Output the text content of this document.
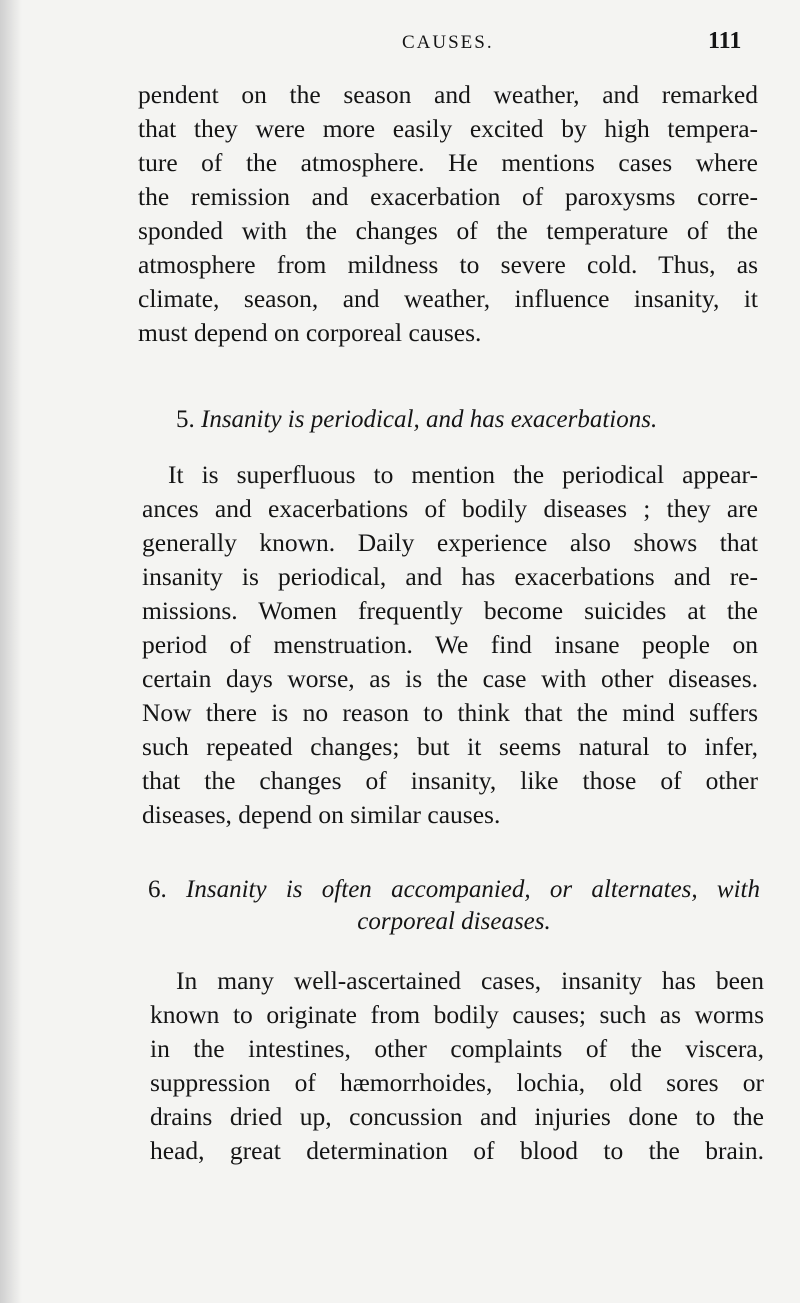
CAUSES.	111
pendent on the season and weather, and remarked
that they were more easily excited by high tempera-
ture of the atmosphere. He mentions cases where
the remission and exacerbation of paroxysms corre-
sponded with the changes of the temperature of the
atmosphere from mildness to severe cold. Thus, as
climate, season, and weather, influence insanity, it
must depend on corporeal causes.
5. Insanity is periodical, and has exacerbations.
It is superfluous to mention the periodical appear-
ances and exacerbations of bodily diseases ; they are
generally known. Daily experience also shows that
insanity is periodical, and has exacerbations and re-
missions. Women frequently become suicides at the
period of menstruation. We find insane people on
certain days worse, as is the case with other diseases.
Now there is no reason to think that the mind suffers
such repeated changes; but it seems natural to infer,
that the changes of insanity, like those of other
diseases, depend on similar causes.
6. Insanity is often accompanied, or alternates, with
corporeal diseases.
In many well-ascertained cases, insanity has been
known to originate from bodily causes; such as worms
in the intestines, other complaints of the viscera,
suppression of hæmorrhoides, lochia, old sores or
drains dried up, concussion and injuries done to the
head, great determination of blood to the brain.
